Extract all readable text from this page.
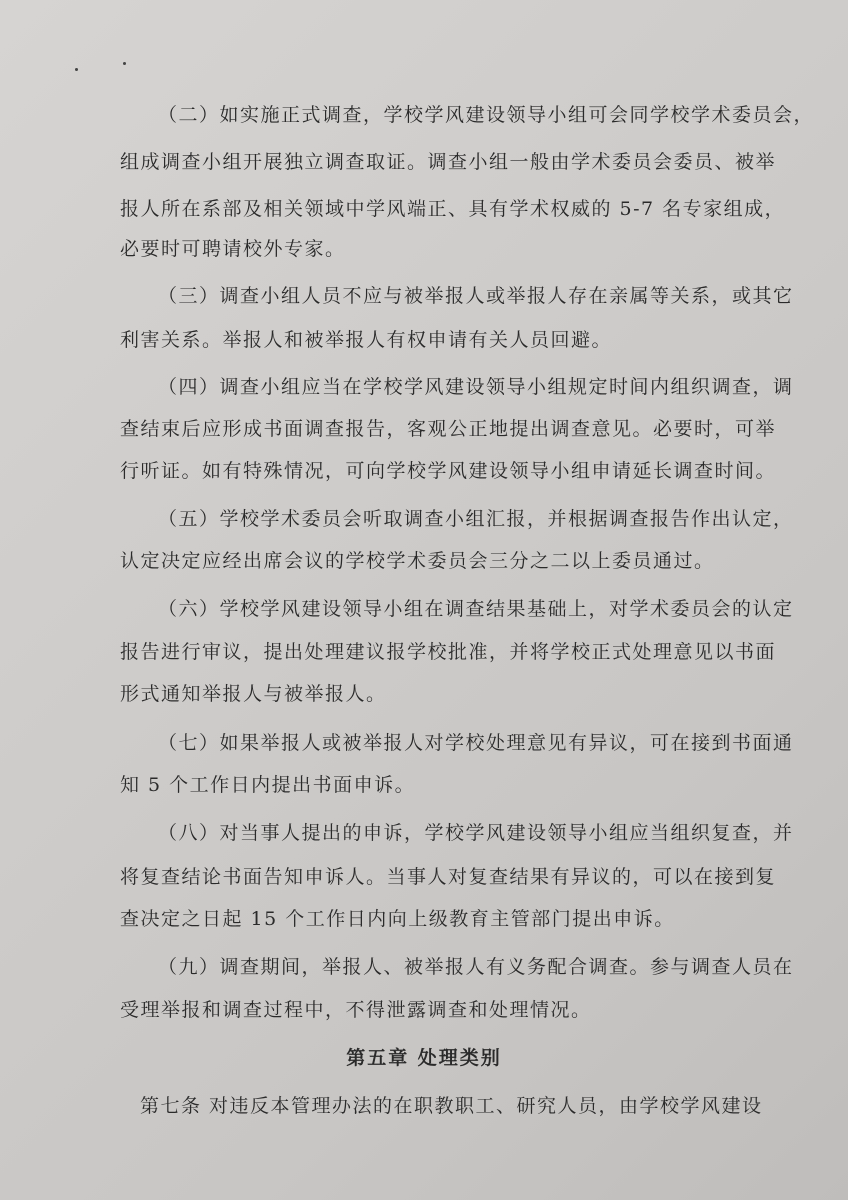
（二）如实施正式调查，学校学风建设领导小组可会同学校学术委员会，
组成调查小组开展独立调查取证。调查小组一般由学术委员会委员、被举
报人所在系部及相关领域中学风端正、具有学术权威的 5-7 名专家组成，
必要时可聘请校外专家。
（三）调查小组人员不应与被举报人或举报人存在亲属等关系，或其它
利害关系。举报人和被举报人有权申请有关人员回避。
（四）调查小组应当在学校学风建设领导小组规定时间内组织调查，调
查结束后应形成书面调查报告，客观公正地提出调查意见。必要时，可举
行听证。如有特殊情况，可向学校学风建设领导小组申请延长调查时间。
（五）学校学术委员会听取调查小组汇报，并根据调查报告作出认定，
认定决定应经出席会议的学校学术委员会三分之二以上委员通过。
（六）学校学风建设领导小组在调查结果基础上，对学术委员会的认定
报告进行审议，提出处理建议报学校批准，并将学校正式处理意见以书面
形式通知举报人与被举报人。
（七）如果举报人或被举报人对学校处理意见有异议，可在接到书面通
知 5 个工作日内提出书面申诉。
（八）对当事人提出的申诉，学校学风建设领导小组应当组织复查，并
将复查结论书面告知申诉人。当事人对复查结果有异议的，可以在接到复
查决定之日起 15 个工作日内向上级教育主管部门提出申诉。
（九）调查期间，举报人、被举报人有义务配合调查。参与调查人员在
受理举报和调查过程中，不得泄露调查和处理情况。
第五章 处理类别
第七条 对违反本管理办法的在职教职工、研究人员，由学校学风建设
